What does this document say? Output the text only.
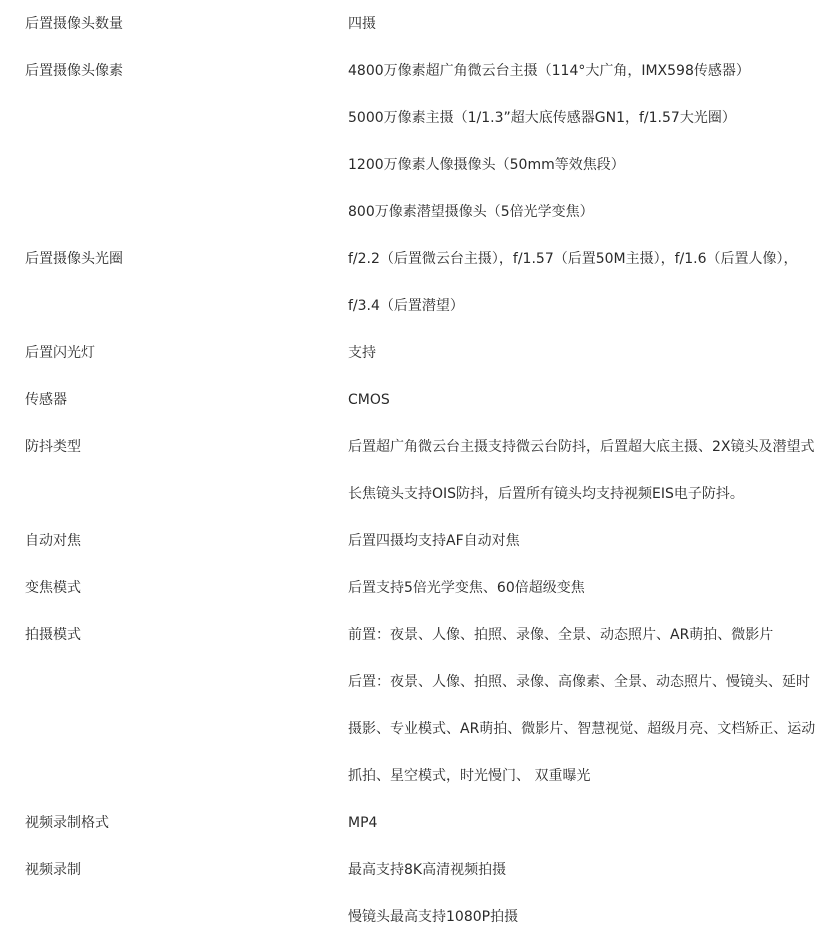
后置摄像头数量	四摄
后置摄像头像素	4800万像素超广角微云台主摄（114°大广角，IMX598传感器）
5000万像素主摄（1/1.3”超大底传感器GN1，f/1.57大光圈）
1200万像素人像摄像头（50mm等效焦段）
800万像素潜望摄像头（5倍光学变焦）
后置摄像头光圈	f/2.2（后置微云台主摄），f/1.57（后置50M主摄），f/1.6（后置人像），
f/3.4（后置潜望）
后置闪光灯	支持
传感器	CMOS
防抖类型	后置超广角微云台主摄支持微云台防抖，后置超大底主摄、2X镜头及潜望式
长焦镜头支持OIS防抖，后置所有镜头均支持视频EIS电子防抖。
自动对焦	后置四摄均支持AF自动对焦
变焦模式	后置支持5倍光学变焦、60倍超级变焦
拍摄模式	前置：夜景、人像、拍照、录像、全景、动态照片、AR萌拍、微影片
后置：夜景、人像、拍照、录像、高像素、全景、动态照片、慢镜头、延时
摄影、专业模式、AR萌拍、微影片、智慧视觉、超级月亮、文档矫正、运动
抓拍、星空模式，时光慢门、 双重曝光
视频录制格式	MP4
视频录制	最高支持8K高清视频拍摄
慢镜头最高支持1080P拍摄
